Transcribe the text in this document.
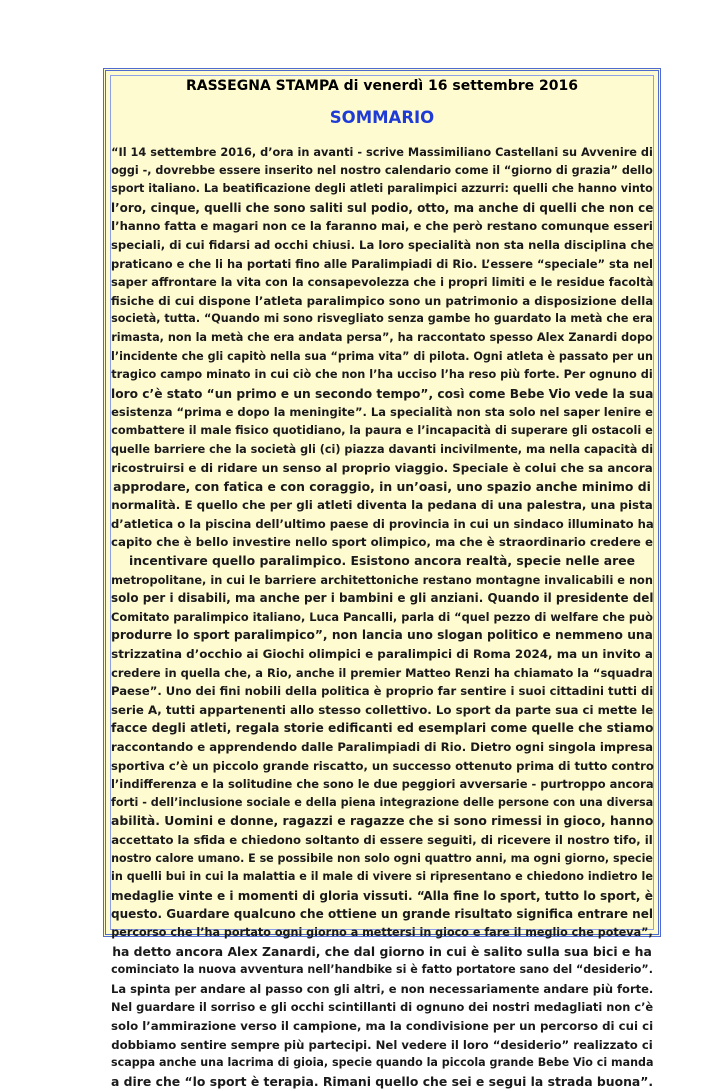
RASSEGNA STAMPA di venerdì 16 settembre 2016
SOMMARIO
“Il 14 settembre 2016, d’ora in avanti - scrive Massimiliano Castellani su Avvenire di
oggi -, dovrebbe essere inserito nel nostro calendario come il “giorno di grazia” dello
sport italiano. La beatificazione degli atleti paralimpici azzurri: quelli che hanno vinto
l’oro, cinque, quelli che sono saliti sul podio, otto, ma anche di quelli che non ce
l’hanno fatta e magari non ce la faranno mai, e che però restano comunque esseri
speciali, di cui fidarsi ad occhi chiusi. La loro specialità non sta nella disciplina che
praticano e che li ha portati fino alle Paralimpiadi di Rio. L’essere “speciale” sta nel
saper affrontare la vita con la consapevolezza che i propri limiti e le residue facoltà
fisiche di cui dispone l’atleta paralimpico sono un patrimonio a disposizione della
società, tutta. “Quando mi sono risvegliato senza gambe ho guardato la metà che era
rimasta, non la metà che era andata persa”, ha raccontato spesso Alex Zanardi dopo
l’incidente che gli capitò nella sua “prima vita” di pilota. Ogni atleta è passato per un
tragico campo minato in cui ciò che non l’ha ucciso l’ha reso più forte. Per ognuno di
loro c’è stato “un primo e un secondo tempo”, così come Bebe Vio vede la sua
esistenza “prima e dopo la meningite”. La specialità non sta solo nel saper lenire e
combattere il male fisico quotidiano, la paura e l’incapacità di superare gli ostacoli e
quelle barriere che la società gli (ci) piazza davanti incivilmente, ma nella capacità di
ricostruirsi e di ridare un senso al proprio viaggio. Speciale è colui che sa ancora
approdare, con fatica e con coraggio, in un’oasi, uno spazio anche minimo di
normalità. E quello che per gli atleti diventa la pedana di una palestra, una pista
d’atletica o la piscina dell’ultimo paese di provincia in cui un sindaco illuminato ha
capito che è bello investire nello sport olimpico, ma che è straordinario credere e
incentivare quello paralimpico. Esistono ancora realtà, specie nelle aree
metropolitane, in cui le barriere architettoniche restano montagne invalicabili e non
solo per i disabili, ma anche per i bambini e gli anziani. Quando il presidente del
Comitato paralimpico italiano, Luca Pancalli, parla di “quel pezzo di welfare che può
produrre lo sport paralimpico”, non lancia uno slogan politico e nemmeno una
strizzatina d’occhio ai Giochi olimpici e paralimpici di Roma 2024, ma un invito a
credere in quella che, a Rio, anche il premier Matteo Renzi ha chiamato la “squadra
Paese”. Uno dei fini nobili della politica è proprio far sentire i suoi cittadini tutti di
serie A, tutti appartenenti allo stesso collettivo. Lo sport da parte sua ci mette le
facce degli atleti, regala storie edificanti ed esemplari come quelle che stiamo
raccontando e apprendendo dalle Paralimpiadi di Rio. Dietro ogni singola impresa
sportiva c’è un piccolo grande riscatto, un successo ottenuto prima di tutto contro
l’indifferenza e la solitudine che sono le due peggiori avversarie - purtroppo ancora
forti - dell’inclusione sociale e della piena integrazione delle persone con una diversa
abilità. Uomini e donne, ragazzi e ragazze che si sono rimessi in gioco, hanno
accettato la sfida e chiedono soltanto di essere seguiti, di ricevere il nostro tifo, il
nostro calore umano. E se possibile non solo ogni quattro anni, ma ogni giorno, specie
in quelli bui in cui la malattia e il male di vivere si ripresentano e chiedono indietro le
medaglie vinte e i momenti di gloria vissuti. “Alla fine lo sport, tutto lo sport, è
questo. Guardare qualcuno che ottiene un grande risultato significa entrare nel
percorso che l’ha portato ogni giorno a mettersi in gioco e fare il meglio che poteva”,
ha detto ancora Alex Zanardi, che dal giorno in cui è salito sulla sua bici e ha
cominciato la nuova avventura nell’handbike si è fatto portatore sano del “desiderio”.
La spinta per andare al passo con gli altri, e non necessariamente andare più forte.
Nel guardare il sorriso e gli occhi scintillanti di ognuno dei nostri medagliati non c’è
solo l’ammirazione verso il campione, ma la condivisione per un percorso di cui ci
dobbiamo sentire sempre più partecipi. Nel vedere il loro “desiderio” realizzato ci
scappa anche una lacrima di gioia, specie quando la piccola grande Bebe Vio ci manda
a dire che “lo sport è terapia. Rimani quello che sei e segui la strada buona”.
